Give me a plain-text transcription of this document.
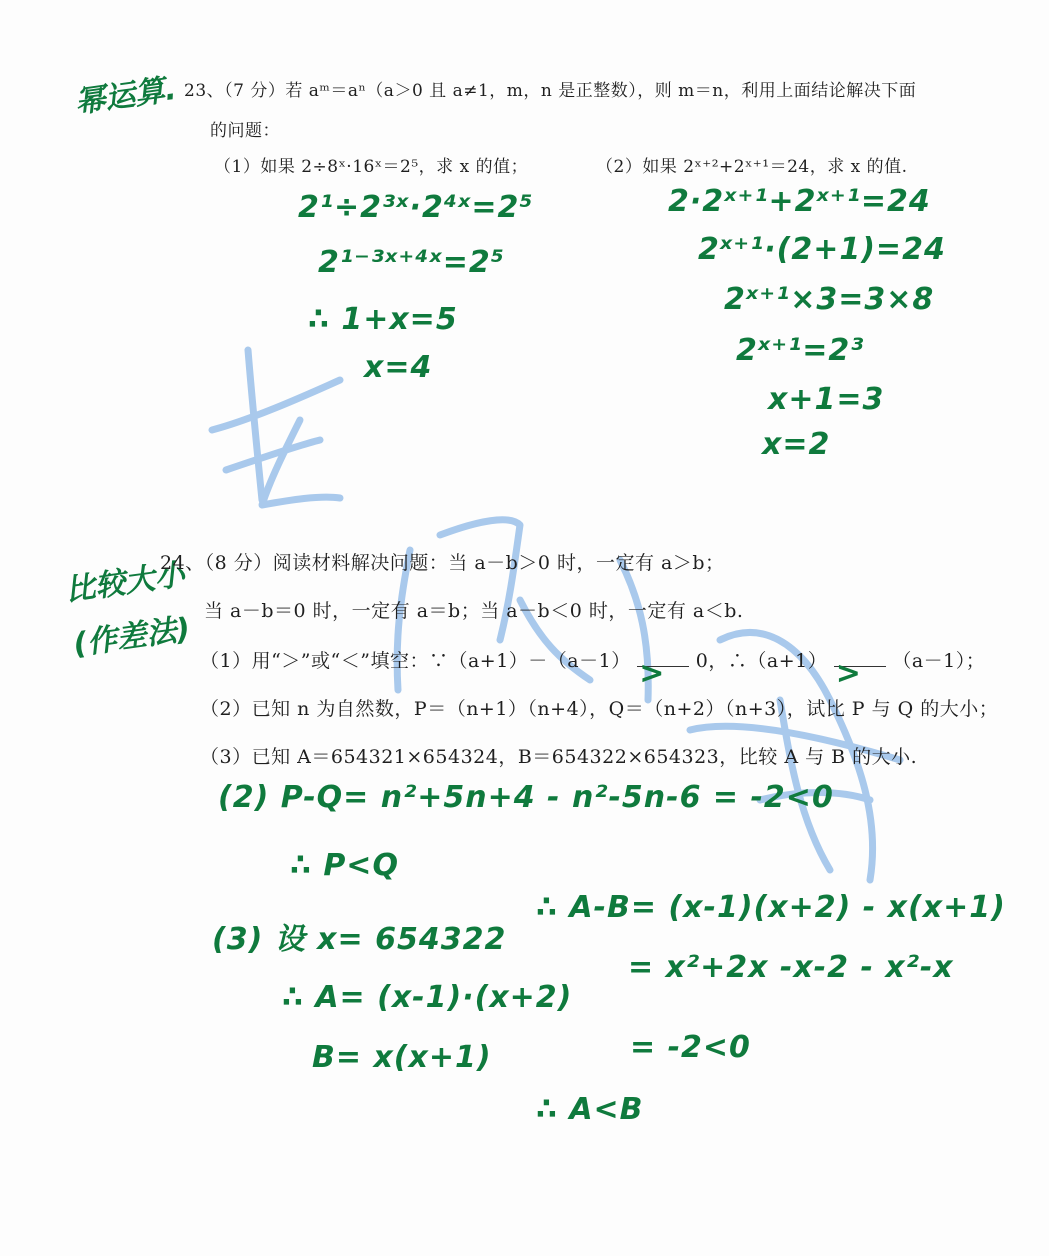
幂运算. 23、（7 分）若 aᵐ＝aⁿ（a＞0 且 a≠1，m，n 是正整数），则 m＝n，利用上面结论解决下面
的问题：
（1）如果 2÷8ˣ·16ˣ＝2⁵，求 x 的值；	（2）如果 2ˣ⁺²+2ˣ⁺¹＝24，求 x 的值.
2¹÷2³ˣ·2⁴ˣ=2⁵
2¹⁻³ˣ⁺⁴ˣ=2⁵
∴ 1+x=5
x=4
2·2ˣ⁺¹+2ˣ⁺¹=24
2ˣ⁺¹·(2+1)=24
2ˣ⁺¹×3=3×8
2ˣ⁺¹=2³
x+1=3
x=2
比较大小
(作差法)
24、（8 分）阅读材料解决问题：当 a－b＞0 时，一定有 a＞b；
当 a－b＝0 时，一定有 a＝b；当 a－b＜0 时，一定有 a＜b.
（1）用“＞”或“＜”填空：∵（a+1）－（a－1） > 0，∴（a+1） > （a－1）；
（2）已知 n 为自然数，P＝（n+1）（n+4），Q＝（n+2）（n+3），试比 P 与 Q 的大小；
（3）已知 A＝654321×654324，B＝654322×654323，比较 A 与 B 的大小.
(2) P-Q= n²+5n+4 - n²-5n-6 = -2<0
∴ P<Q
(3) 设 x= 654322
∴ A= (x-1)·(x+2)
B= x(x+1)
∴ A-B= (x-1)(x+2) - x(x+1)
= x²+2x -x-2 - x²-x
= -2<0
∴ A<B
